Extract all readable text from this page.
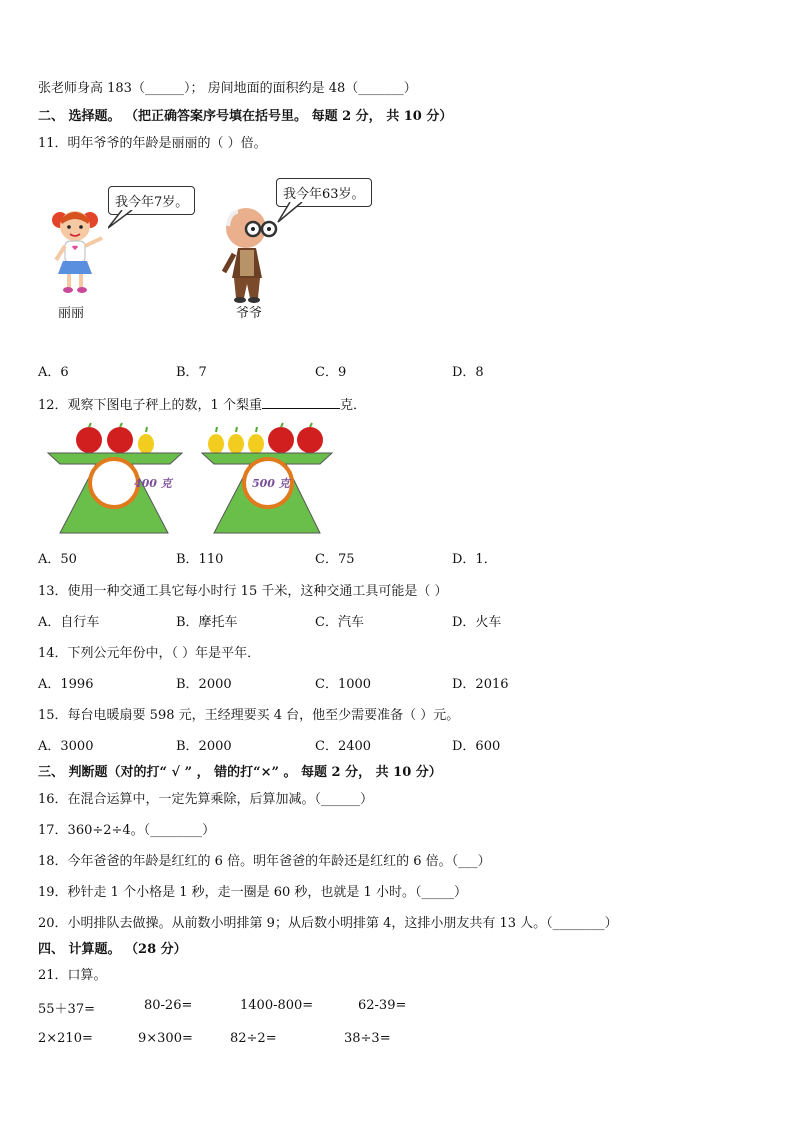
张老师身高 183（______）； 房间地面的面积约是 48（_______）
二、 选择题。 （把正确答案序号填在括号里。 每题 2 分， 共 10 分）
11．明年爷爷的年龄是丽丽的（ ）倍。
我今年7岁。
丽丽
我今年63岁。
爷爷
A．6	B．7	C．9	D．8
12．观察下图电子秤上的数，1 个梨重	克．
400 克	500 克
A．50	B．110	C．75	D．1．
13．使用一种交通工具它每小时行 15 千米，这种交通工具可能是（ ）
A．自行车	B．摩托车	C．汽车	D．火车
14．下列公元年份中，（ ）年是平年．
A．1996	B．2000	C．1000	D．2016
15．每台电暖扇要 598 元，王经理要买 4 台，他至少需要准备（ ）元。
A．3000	B．2000	C．2400	D．600
三、 判断题（对的打“ √ ” ， 错的打“×” 。 每题 2 分， 共 10 分）
16．在混合运算中，一定先算乘除，后算加减。（______）
17．360÷2÷4。（________）
18．今年爸爸的年龄是红红的 6 倍。明年爸爸的年龄还是红红的 6 倍。（___）
19．秒针走 1 个小格是 1 秒，走一圈是 60 秒，也就是 1 小时。（_____）
20．小明排队去做操。从前数小明排第 9；从后数小明排第 4，这排小朋友共有 13 人。（________）
四、 计算题。 （28 分）
21．口算。
55＋37=	80-26=	1400-800=	62-39=
2×210=	9×300=	82÷2=	38÷3=
